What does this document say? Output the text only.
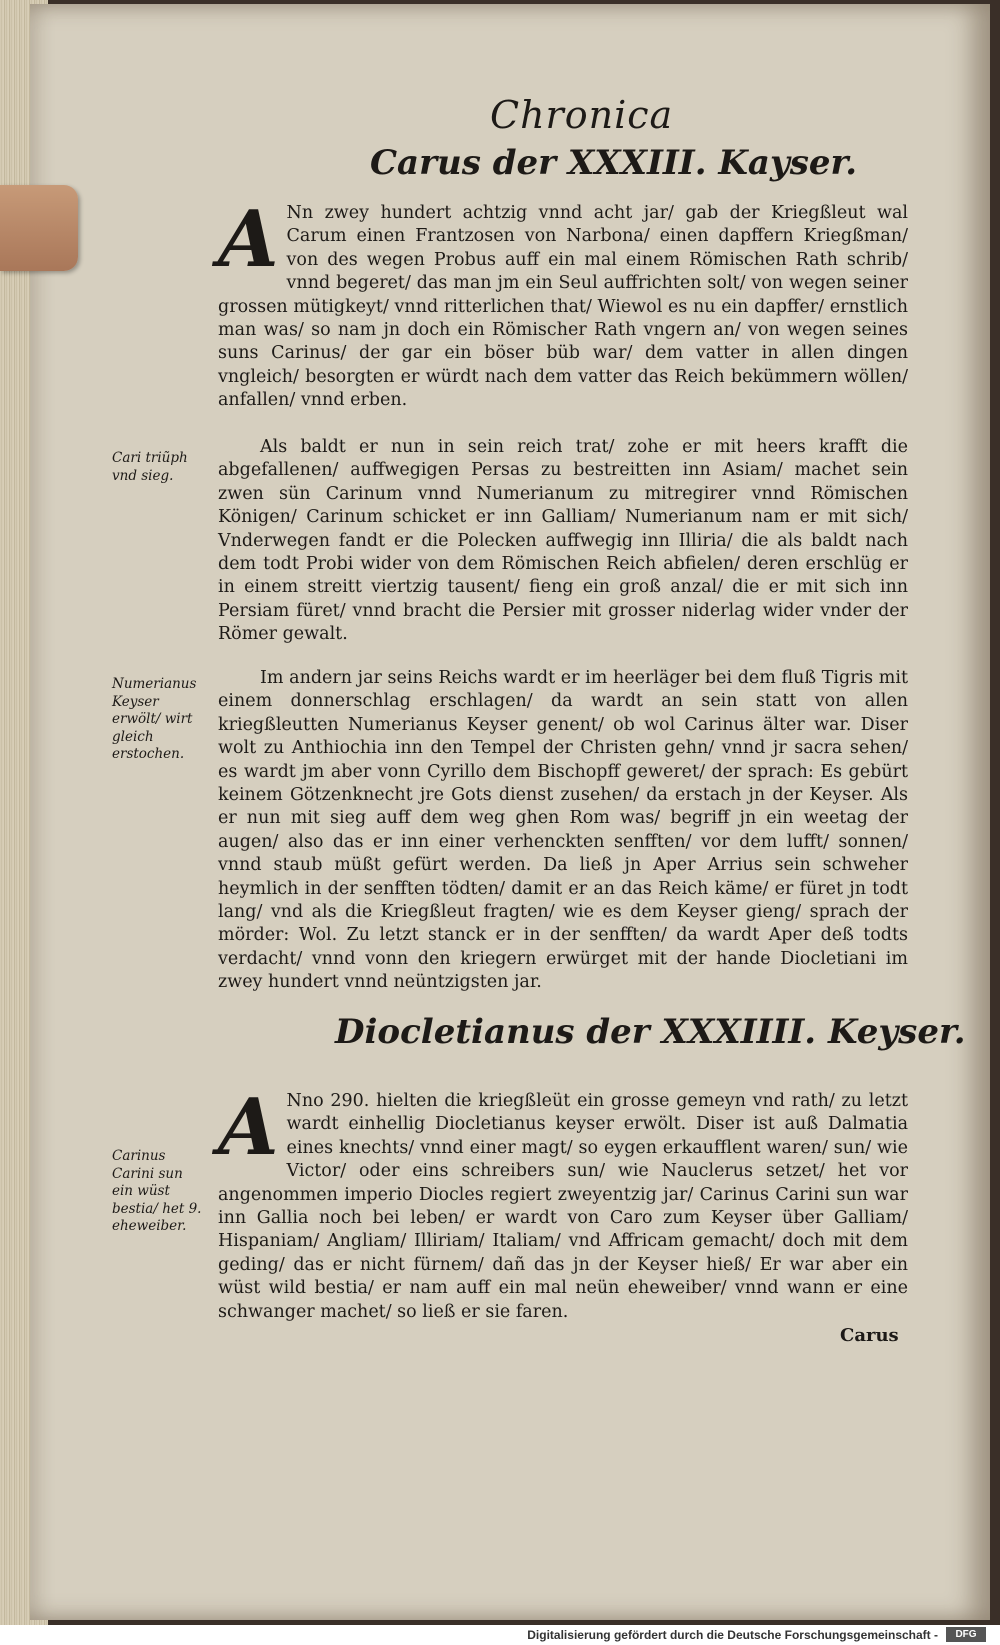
Chronica
Carus der XXXIII. Kayser.
A Nn zwey hundert achtzig vnnd acht jar/ gab der Kriegßleut wal Carum einen Frantzosen von Narbona/ einen dapffern Kriegßman/ von des wegen Probus auff ein mal einem Römischen Rath schrib/ vnnd begeret/ das man jm ein Seul auffrichten solt/ von wegen seiner grossen mütigkeyt/ vnnd ritterlichen that/ Wiewol es nu ein dapffer/ ernstlich man was/ so nam jn doch ein Römischer Rath vngern an/ von wegen seines suns Carinus/ der gar ein böser büb war/ dem vatter in allen dingen vngleich/ besorgten er würdt nach dem vatter das Reich bekümmern wöllen/ anfallen/ vnnd erben.
Cari triũph vnd sieg.
Als baldt er nun in sein reich trat/ zohe er mit heers krafft die abgefallenen/ auffwegigen Persas zu bestreitten inn Asiam/ machet sein zwen sün Carinum vnnd Numerianum zu mitregirer vnnd Römischen Königen/ Carinum schicket er inn Galliam/ Numerianum nam er mit sich/ Vnderwegen fandt er die Polecken auffwegig inn Illiria/ die als baldt nach dem todt Probi wider von dem Römischen Reich abfielen/ deren erschlüg er in einem streitt viertzig tausent/ fieng ein groß anzal/ die er mit sich inn Persiam füret/ vnnd bracht die Persier mit grosser niderlag wider vnder der Römer gewalt.
Numerianus Keyser erwölt/ wirt gleich erstochen.
Im andern jar seins Reichs wardt er im heerläger bei dem fluß Tigris mit einem donnerschlag erschlagen/ da wardt an sein statt von allen kriegßleutten Numerianus Keyser genent/ ob wol Carinus älter war. Diser wolt zu Anthiochia inn den Tempel der Christen gehn/ vnnd jr sacra sehen/ es wardt jm aber vonn Cyrillo dem Bischopff geweret/ der sprach: Es gebürt keinem Götzenknecht jre Gots dienst zusehen/ da erstach jn der Keyser. Als er nun mit sieg auff dem weg ghen Rom was/ begriff jn ein weetag der augen/ also das er inn einer verhenckten senfften/ vor dem lufft/ sonnen/ vnnd staub müßt gefürt werden. Da ließ jn Aper Arrius sein schweher heymlich in der senfften tödten/ damit er an das Reich käme/ er füret jn todt lang/ vnd als die Kriegßleut fragten/ wie es dem Keyser gieng/ sprach der mörder: Wol. Zu letzt stanck er in der senfften/ da wardt Aper deß todts verdacht/ vnnd vonn den kriegern erwürget mit der hande Diocletiani im zwey hundert vnnd neüntzigsten jar.
Diocletianus der XXXIIII. Keyser.
Carinus Carini sun ein wüst bestia/ het 9. eheweiber.
A Nno 290. hielten die kriegßleüt ein grosse gemeyn vnd rath/ zu letzt wardt einhellig Diocletianus keyser erwölt. Diser ist auß Dalmatia eines knechts/ vnnd einer magt/ so eygen erkaufflent waren/ sun/ wie Victor/ oder eins schreibers sun/ wie Nauclerus setzet/ het vor angenommen imperio Diocles regiert zweyentzig jar/ Carinus Carini sun war inn Gallia noch bei leben/ er wardt von Caro zum Keyser über Galliam/ Hispaniam/ Angliam/ Illiriam/ Italiam/ vnd Affricam gemacht/ doch mit dem geding/ das er nicht fürnem/ dañ das jn der Keyser hieß/ Er war aber ein wüst wild bestia/ er nam auff ein mal neün eheweiber/ vnnd wann er eine schwanger machet/ so ließ er sie faren.
Carus
Digitalisierung gefördert durch die Deutsche Forschungsgemeinschaft -	DFG
